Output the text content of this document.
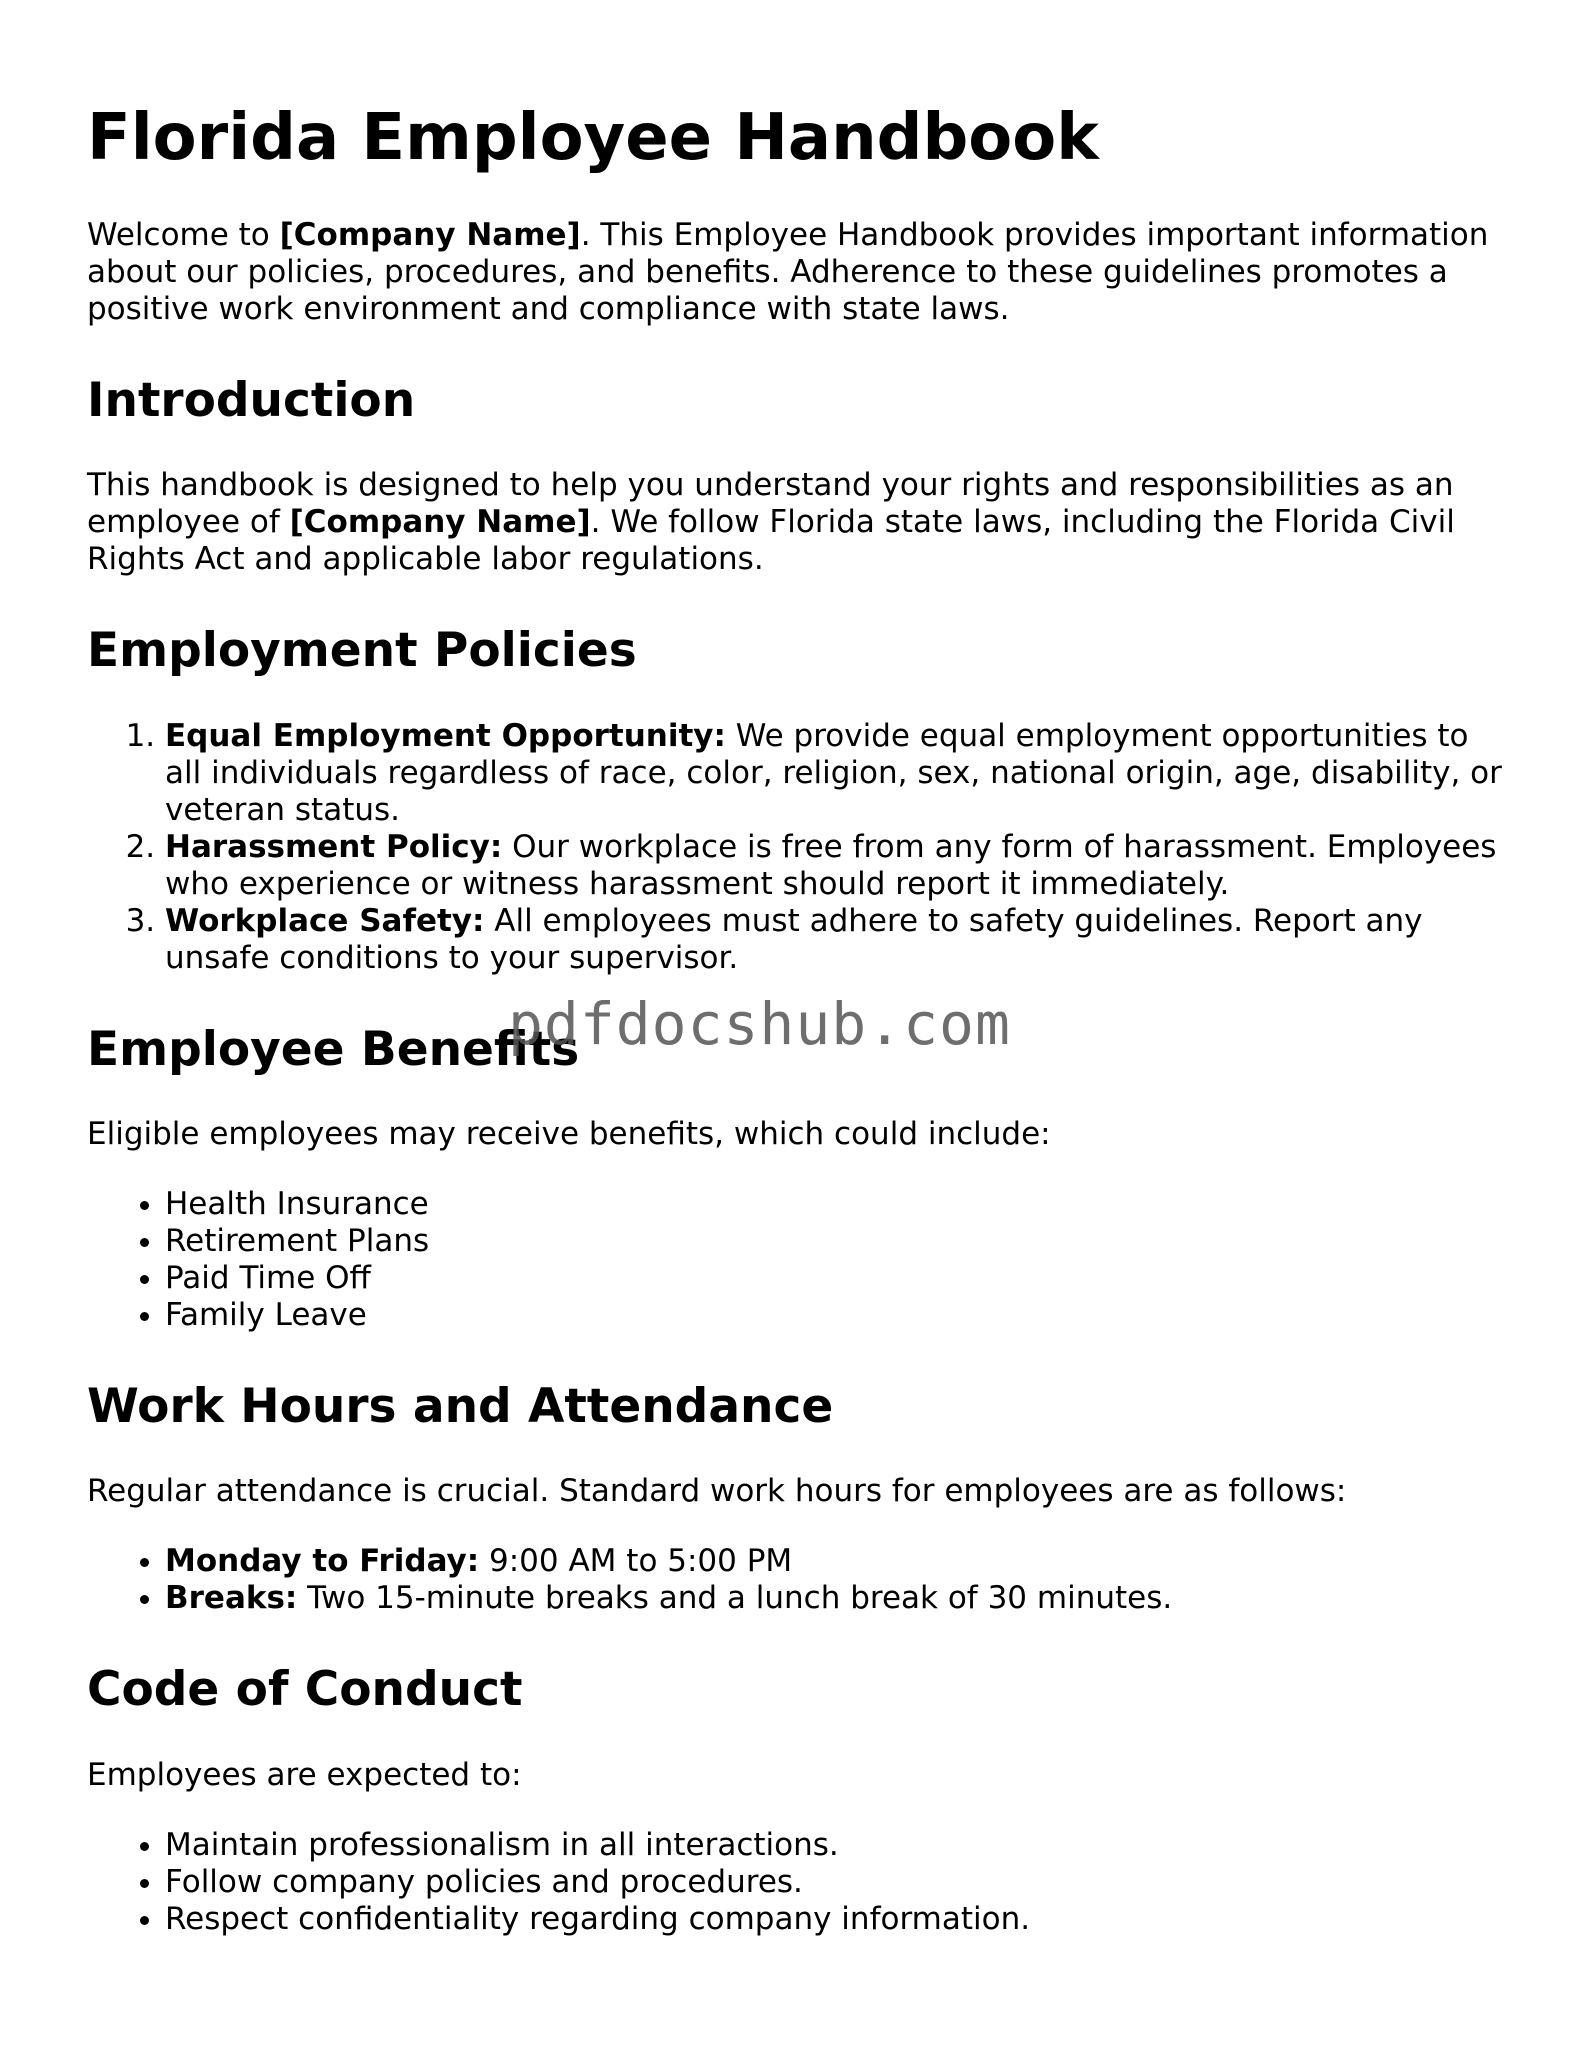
Florida Employee Handbook

Welcome to [Company Name]. This Employee Handbook provides important information about our policies, procedures, and benefits. Adherence to these guidelines promotes a positive work environment and compliance with state laws.

Introduction

This handbook is designed to help you understand your rights and responsibilities as an employee of [Company Name]. We follow Florida state laws, including the Florida Civil Rights Act and applicable labor regulations.

Employment Policies
1. Equal Employment Opportunity: We provide equal employment opportunities to all individuals regardless of race, color, religion, sex, national origin, age, disability, or veteran status.
2. Harassment Policy: Our workplace is free from any form of harassment. Employees who experience or witness harassment should report it immediately.
3. Workplace Safety: All employees must adhere to safety guidelines. Report any unsafe conditions to your supervisor.
Employee Benefits

Eligible employees may receive benefits, which could include:

• Health Insurance
• Retirement Plans
• Paid Time Off
• Family Leave
Work Hours and Attendance

Regular attendance is crucial. Standard work hours for employees are as follows:

• Monday to Friday: 9:00 AM to 5:00 PM
• Breaks: Two 15-minute breaks and a lunch break of 30 minutes.
Code of Conduct

Employees are expected to:

• Maintain professionalism in all interactions.
• Follow company policies and procedures.
• Respect confidentiality regarding company information.
pdfdocshub.com
